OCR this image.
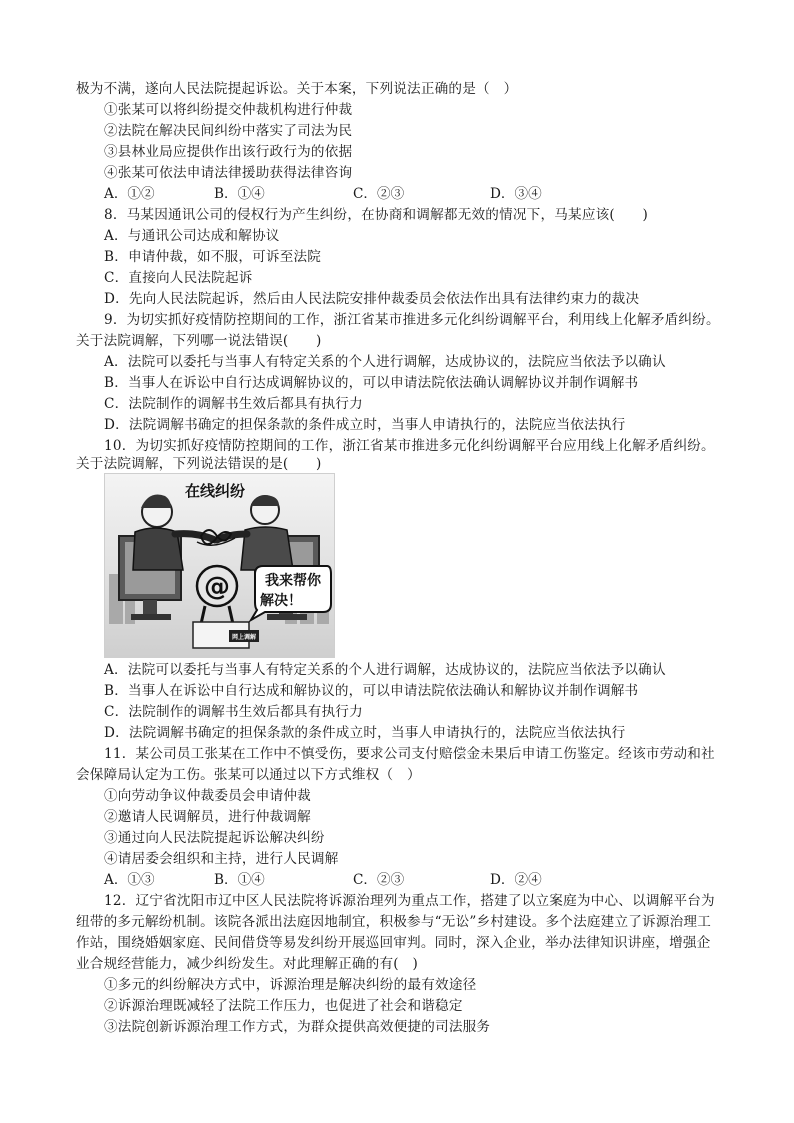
极为不满，遂向人民法院提起诉讼。关于本案，下列说法正确的是（　）
①张某可以将纠纷提交仲裁机构进行仲裁
②法院在解决民间纠纷中落实了司法为民
③县林业局应提供作出该行政行为的依据
④张某可依法申请法律援助获得法律咨询
A．①②	B．①④	C．②③	D．③④
8．马某因通讯公司的侵权行为产生纠纷，在协商和调解都无效的情况下，马某应该(　　)
A．与通讯公司达成和解协议
B．申请仲裁，如不服，可诉至法院
C．直接向人民法院起诉
D．先向人民法院起诉，然后由人民法院安排仲裁委员会依法作出具有法律约束力的裁决
9．为切实抓好疫情防控期间的工作，浙江省某市推进多元化纠纷调解平台，利用线上化解矛盾纠纷。
关于法院调解，下列哪一说法错误(　　)
A．法院可以委托与当事人有特定关系的个人进行调解，达成协议的，法院应当依法予以确认
B．当事人在诉讼中自行达成调解协议的，可以申请法院依法确认调解协议并制作调解书
C．法院制作的调解书生效后都具有执行力
D．法院调解书确定的担保条款的条件成立时，当事人申请执行的，法院应当依法执行
10．为切实抓好疫情防控期间的工作，浙江省某市推进多元化纠纷调解平台应用线上化解矛盾纠纷。
关于法院调解，下列说法错误的是(　　)
@
在线纠纷
我来帮你
解决！
网上调解
A．法院可以委托与当事人有特定关系的个人进行调解，达成协议的，法院应当依法予以确认
B．当事人在诉讼中自行达成和解协议的，可以申请法院依法确认和解协议并制作调解书
C．法院制作的调解书生效后都具有执行力
D．法院调解书确定的担保条款的条件成立时，当事人申请执行的，法院应当依法执行
11．某公司员工张某在工作中不慎受伤，要求公司支付赔偿金未果后申请工伤鉴定。经该市劳动和社
会保障局认定为工伤。张某可以通过以下方式维权（　）
①向劳动争议仲裁委员会申请仲裁
②邀请人民调解员，进行仲裁调解
③通过向人民法院提起诉讼解决纠纷
④请居委会组织和主持，进行人民调解
A．①③	B．①④	C．②③	D．②④
12．辽宁省沈阳市辽中区人民法院将诉源治理列为重点工作，搭建了以立案庭为中心、以调解平台为
纽带的多元解纷机制。该院各派出法庭因地制宜，积极参与“无讼”乡村建设。多个法庭建立了诉源治理工
作站，围绕婚姻家庭、民间借贷等易发纠纷开展巡回审判。同时，深入企业，举办法律知识讲座，增强企
业合规经营能力，减少纠纷发生。对此理解正确的有(　)
①多元的纠纷解决方式中，诉源治理是解决纠纷的最有效途径
②诉源治理既减轻了法院工作压力，也促进了社会和谐稳定
③法院创新诉源治理工作方式，为群众提供高效便捷的司法服务
